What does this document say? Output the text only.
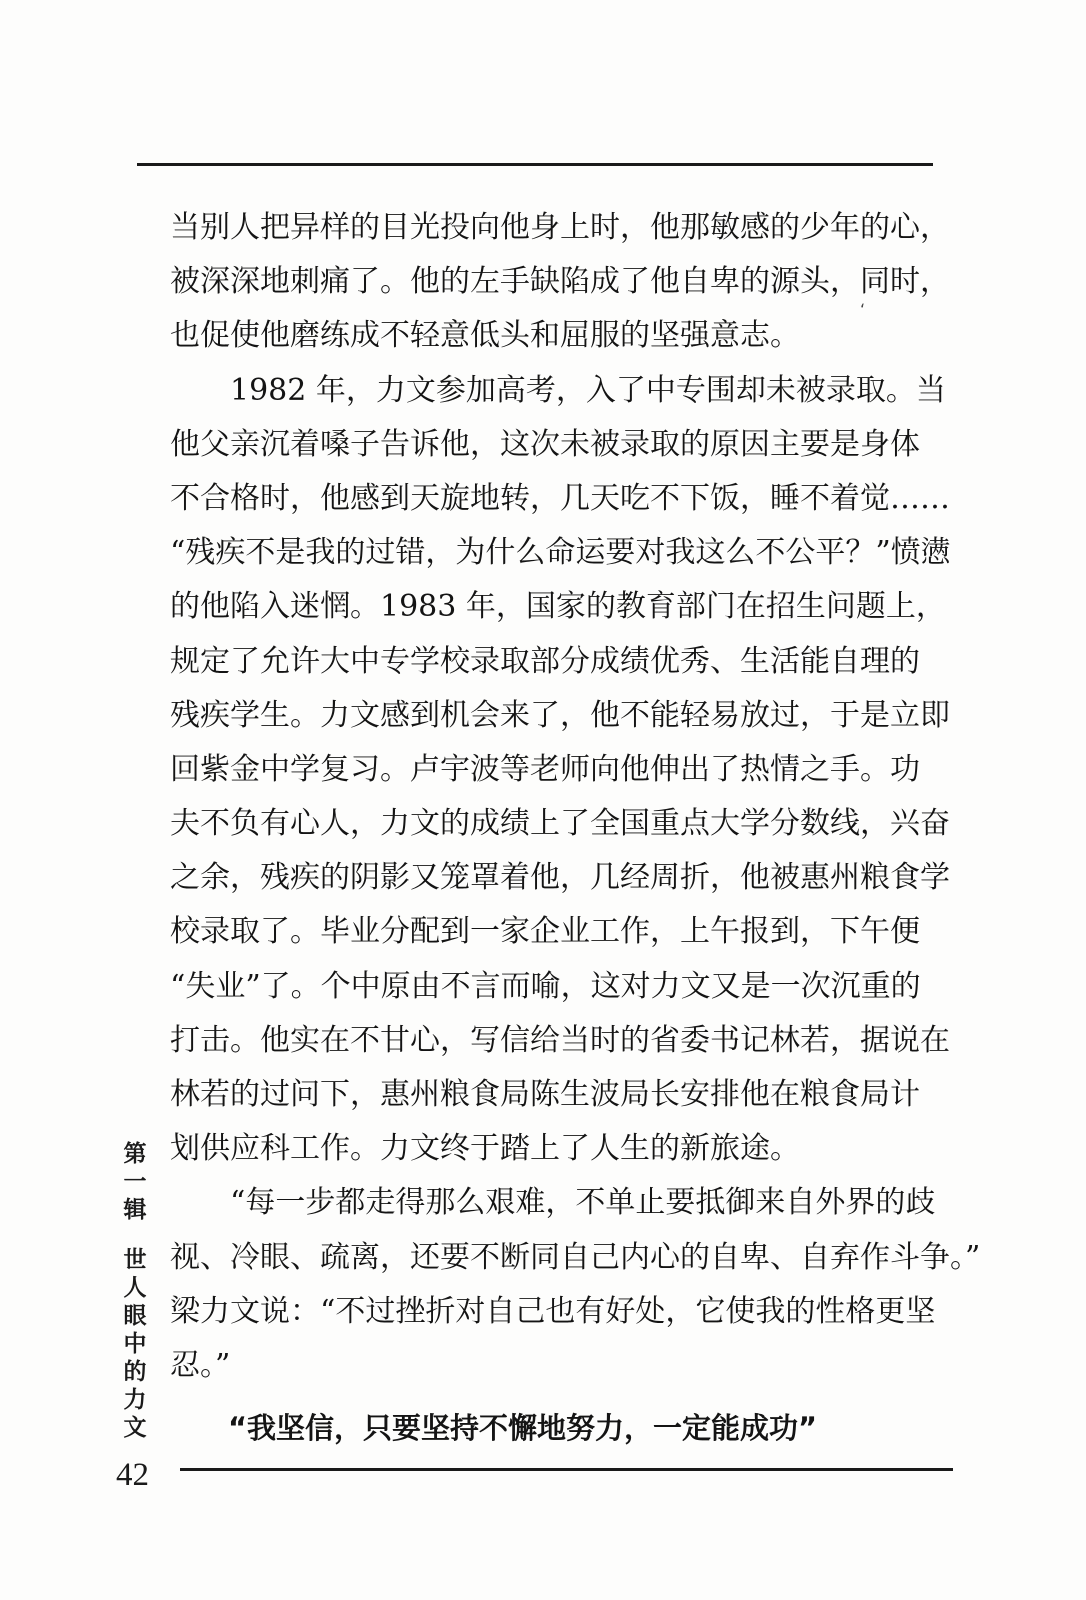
当别人把异样的目光投向他身上时，他那敏感的少年的心，
被深深地刺痛了。他的左手缺陷成了他自卑的源头，同时，
也促使他磨练成不轻意低头和屈服的坚强意志。
1982 年，力文参加高考，入了中专围却未被录取。当
他父亲沉着嗓子告诉他，这次未被录取的原因主要是身体
不合格时，他感到天旋地转，几天吃不下饭，睡不着觉……
“残疾不是我的过错，为什么命运要对我这么不公平？”愤懑
的他陷入迷惘。1983 年，国家的教育部门在招生问题上，
规定了允许大中专学校录取部分成绩优秀、生活能自理的
残疾学生。力文感到机会来了，他不能轻易放过，于是立即
回紫金中学复习。卢宇波等老师向他伸出了热情之手。功
夫不负有心人，力文的成绩上了全国重点大学分数线，兴奋
之余，残疾的阴影又笼罩着他，几经周折，他被惠州粮食学
校录取了。毕业分配到一家企业工作，上午报到，下午便
“失业”了。个中原由不言而喻，这对力文又是一次沉重的
打击。他实在不甘心，写信给当时的省委书记林若，据说在
林若的过问下，惠州粮食局陈生波局长安排他在粮食局计
划供应科工作。力文终于踏上了人生的新旅途。
“每一步都走得那么艰难，不单止要抵御来自外界的歧
视、冷眼、疏离，还要不断同自己内心的自卑、自弃作斗争。”
梁力文说：“不过挫折对自己也有好处，它使我的性格更坚
忍。”
“我坚信，只要坚持不懈地努力，一定能成功”
第
一
辑
世
人
眼
中
的
力
文
42
‘
